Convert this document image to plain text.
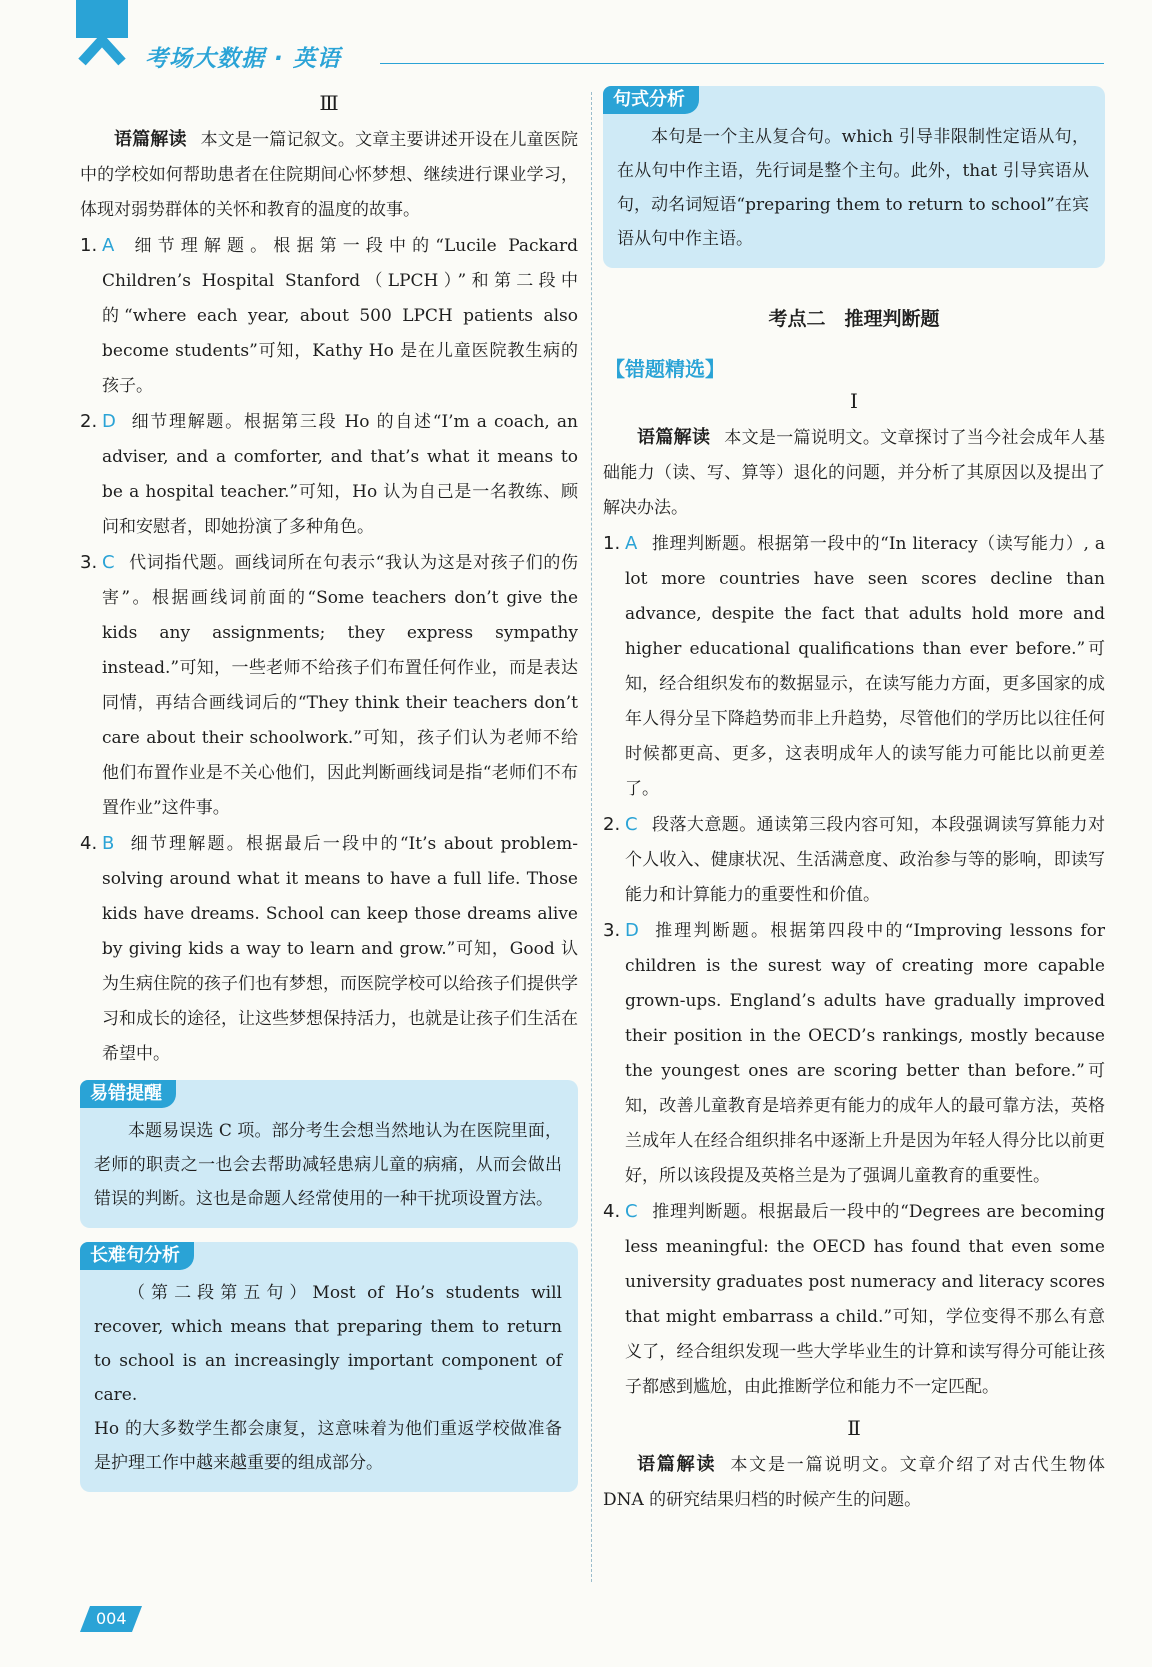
考场大数据 · 英语
Ⅲ

语篇解读 本文是一篇记叙文。文章主要讲述开设在儿童医院中的学校如何帮助患者在住院期间心怀梦想、继续进行课业学习，体现对弱势群体的关怀和教育的温度的故事。

1. A 细节理解题。根据第一段中的“Lucile Packard Children’s Hospital Stanford（LPCH）”和第二段中的“where each year, about 500 LPCH patients also become students”可知，Kathy Ho 是在儿童医院教生病的孩子。
2. D 细节理解题。根据第三段 Ho 的自述“I’m a coach, an adviser, and a comforter, and that’s what it means to be a hospital teacher.”可知，Ho 认为自己是一名教练、顾问和安慰者，即她扮演了多种角色。
3. C 代词指代题。画线词所在句表示“我认为这是对孩子们的伤害”。根据画线词前面的“Some teachers don’t give the kids any assignments; they express sympathy instead.”可知，一些老师不给孩子们布置任何作业，而是表达同情，再结合画线词后的“They think their teachers don’t care about their schoolwork.”可知，孩子们认为老师不给他们布置作业是不关心他们，因此判断画线词是指“老师们不布置作业”这件事。
4. B 细节理解题。根据最后一段中的“It’s about problem-solving around what it means to have a full life. Those kids have dreams. School can keep those dreams alive by giving kids a way to learn and grow.”可知，Good 认为生病住院的孩子们也有梦想，而医院学校可以给孩子们提供学习和成长的途径，让这些梦想保持活力，也就是让孩子们生活在希望中。
易错提醒

本题易误选 C 项。部分考生会想当然地认为在医院里面，老师的职责之一也会去帮助减轻患病儿童的病痛，从而会做出错误的判断。这也是命题人经常使用的一种干扰项设置方法。

长难句分析

（第二段第五句）Most of Ho’s students will recover, which means that preparing them to return to school is an increasingly important component of care.

Ho 的大多数学生都会康复，这意味着为他们重返学校做准备是护理工作中越来越重要的组成部分。

句式分析

本句是一个主从复合句。which 引导非限制性定语从句，在从句中作主语，先行词是整个主句。此外，that 引导宾语从句，动名词短语“preparing them to return to school”在宾语从句中作主语。

考点二　推理判断题
【错题精选】
Ⅰ

语篇解读 本文是一篇说明文。文章探讨了当今社会成年人基础能力（读、写、算等）退化的问题，并分析了其原因以及提出了解决办法。

1. A 推理判断题。根据第一段中的“In literacy（读写能力）, a lot more countries have seen scores decline than advance, despite the fact that adults hold more and higher educational qualifications than ever before.”可知，经合组织发布的数据显示，在读写能力方面，更多国家的成年人得分呈下降趋势而非上升趋势，尽管他们的学历比以往任何时候都更高、更多，这表明成年人的读写能力可能比以前更差了。
2. C 段落大意题。通读第三段内容可知，本段强调读写算能力对个人收入、健康状况、生活满意度、政治参与等的影响，即读写能力和计算能力的重要性和价值。
3. D 推理判断题。根据第四段中的“Improving lessons for children is the surest way of creating more capable grown-ups. England’s adults have gradually improved their position in the OECD’s rankings, mostly because the youngest ones are scoring better than before.”可知，改善儿童教育是培养更有能力的成年人的最可靠方法，英格兰成年人在经合组织排名中逐渐上升是因为年轻人得分比以前更好，所以该段提及英格兰是为了强调儿童教育的重要性。
4. C 推理判断题。根据最后一段中的“Degrees are becoming less meaningful: the OECD has found that even some university graduates post numeracy and literacy scores that might embarrass a child.”可知，学位变得不那么有意义了，经合组织发现一些大学毕业生的计算和读写得分可能让孩子都感到尴尬，由此推断学位和能力不一定匹配。
Ⅱ

语篇解读 本文是一篇说明文。文章介绍了对古代生物体 DNA 的研究结果归档的时候产生的问题。

004
